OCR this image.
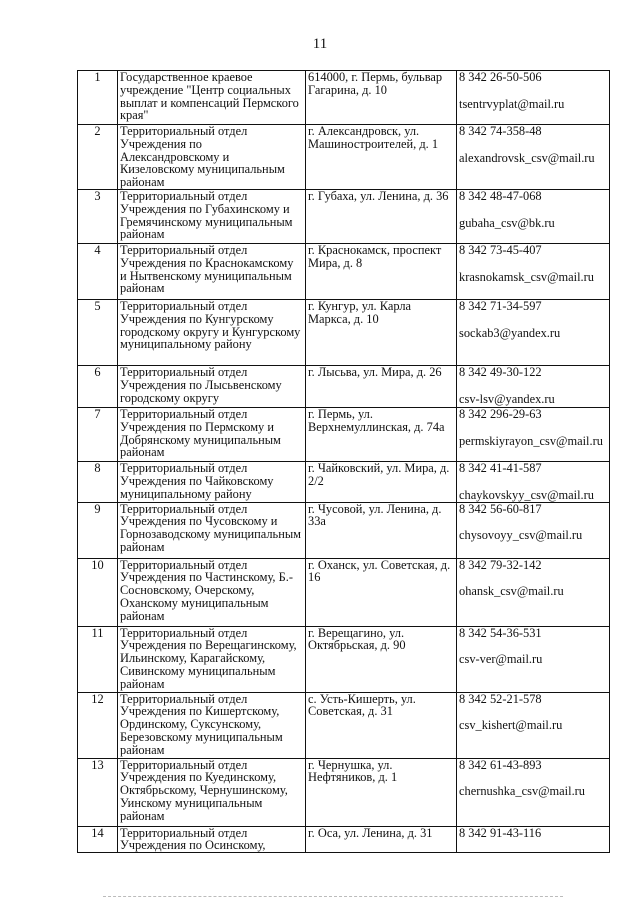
11
1	Государственное краевое учреждение "Центр социальных выплат и компенсаций Пермского края"	614000, г. Пермь, бульвар Гагарина, д. 10	8 342 26-50-506
tsentrvyplat@mail.ru

2	Территориальный отдел Учреждения по Александровскому и Кизеловскому муниципальным районам	г. Александровск, ул. Машиностроителей, д. 1	8 342 74-358-48
alexandrovsk_csv@mail.ru

3	Территориальный отдел Учреждения по Губахинскому и Гремячинскому муниципальным районам	г. Губаха, ул. Ленина, д. 36	8 342 48-47-068
gubaha_csv@bk.ru

4	Территориальный отдел Учреждения по Краснокамскому и Нытвенскому муниципальным районам	г. Краснокамск, проспект Мира, д. 8	8 342 73-45-407
krasnokamsk_csv@mail.ru

5	Территориальный отдел Учреждения по Кунгурскому городскому округу и Кунгурскому муниципальному району	г. Кунгур, ул. Карла Маркса, д. 10	8 342 71-34-597
sockab3@yandex.ru

6	Территориальный отдел Учреждения по Лысьвенскому городскому округу	г. Лысьва, ул. Мира, д. 26	8 342 49-30-122
csv-lsv@yandex.ru

7	Территориальный отдел Учреждения по Пермскому и Добрянскому муниципальным районам	г. Пермь, ул. Верхнемуллинская, д. 74а	8 342 296-29-63
permskiyrayon_csv@mail.ru

8	Территориальный отдел Учреждения по Чайковскому муниципальному району	г. Чайковский, ул. Мира, д. 2/2	8 342 41-41-587
chaykovskyy_csv@mail.ru

9	Территориальный отдел Учреждения по Чусовскому и Горнозаводскому муниципальным районам	г. Чусовой, ул. Ленина, д. 33а	8 342 56-60-817
chysovoyy_csv@mail.ru

10	Территориальный отдел Учреждения по Частинскому, Б.-Сосновскому, Очерскому, Оханскому муниципальным районам	г. Оханск, ул. Советская, д. 16	8 342 79-32-142
ohansk_csv@mail.ru

11	Территориальный отдел Учреждения по Верещагинскому, Ильинскому, Карагайскому, Сивинскому муниципальным районам	г. Верещагино, ул. Октябрьская, д. 90	8 342 54-36-531
csv-ver@mail.ru

12	Территориальный отдел Учреждения по Кишертскому, Ординскому, Суксунскому, Березовскому муниципальным районам	с. Усть-Кишерть, ул. Советская, д. 31	8 342 52-21-578
csv_kishert@mail.ru

13	Территориальный отдел Учреждения по Куединскому, Октябрьскому, Чернушинскому, Уинскому муниципальным районам	г. Чернушка, ул. Нефтяников, д. 1	8 342 61-43-893
chernushka_csv@mail.ru

14	Территориальный отдел Учреждения по Осинскому,	г. Оса, ул. Ленина, д. 31	8 342 91-43-116
